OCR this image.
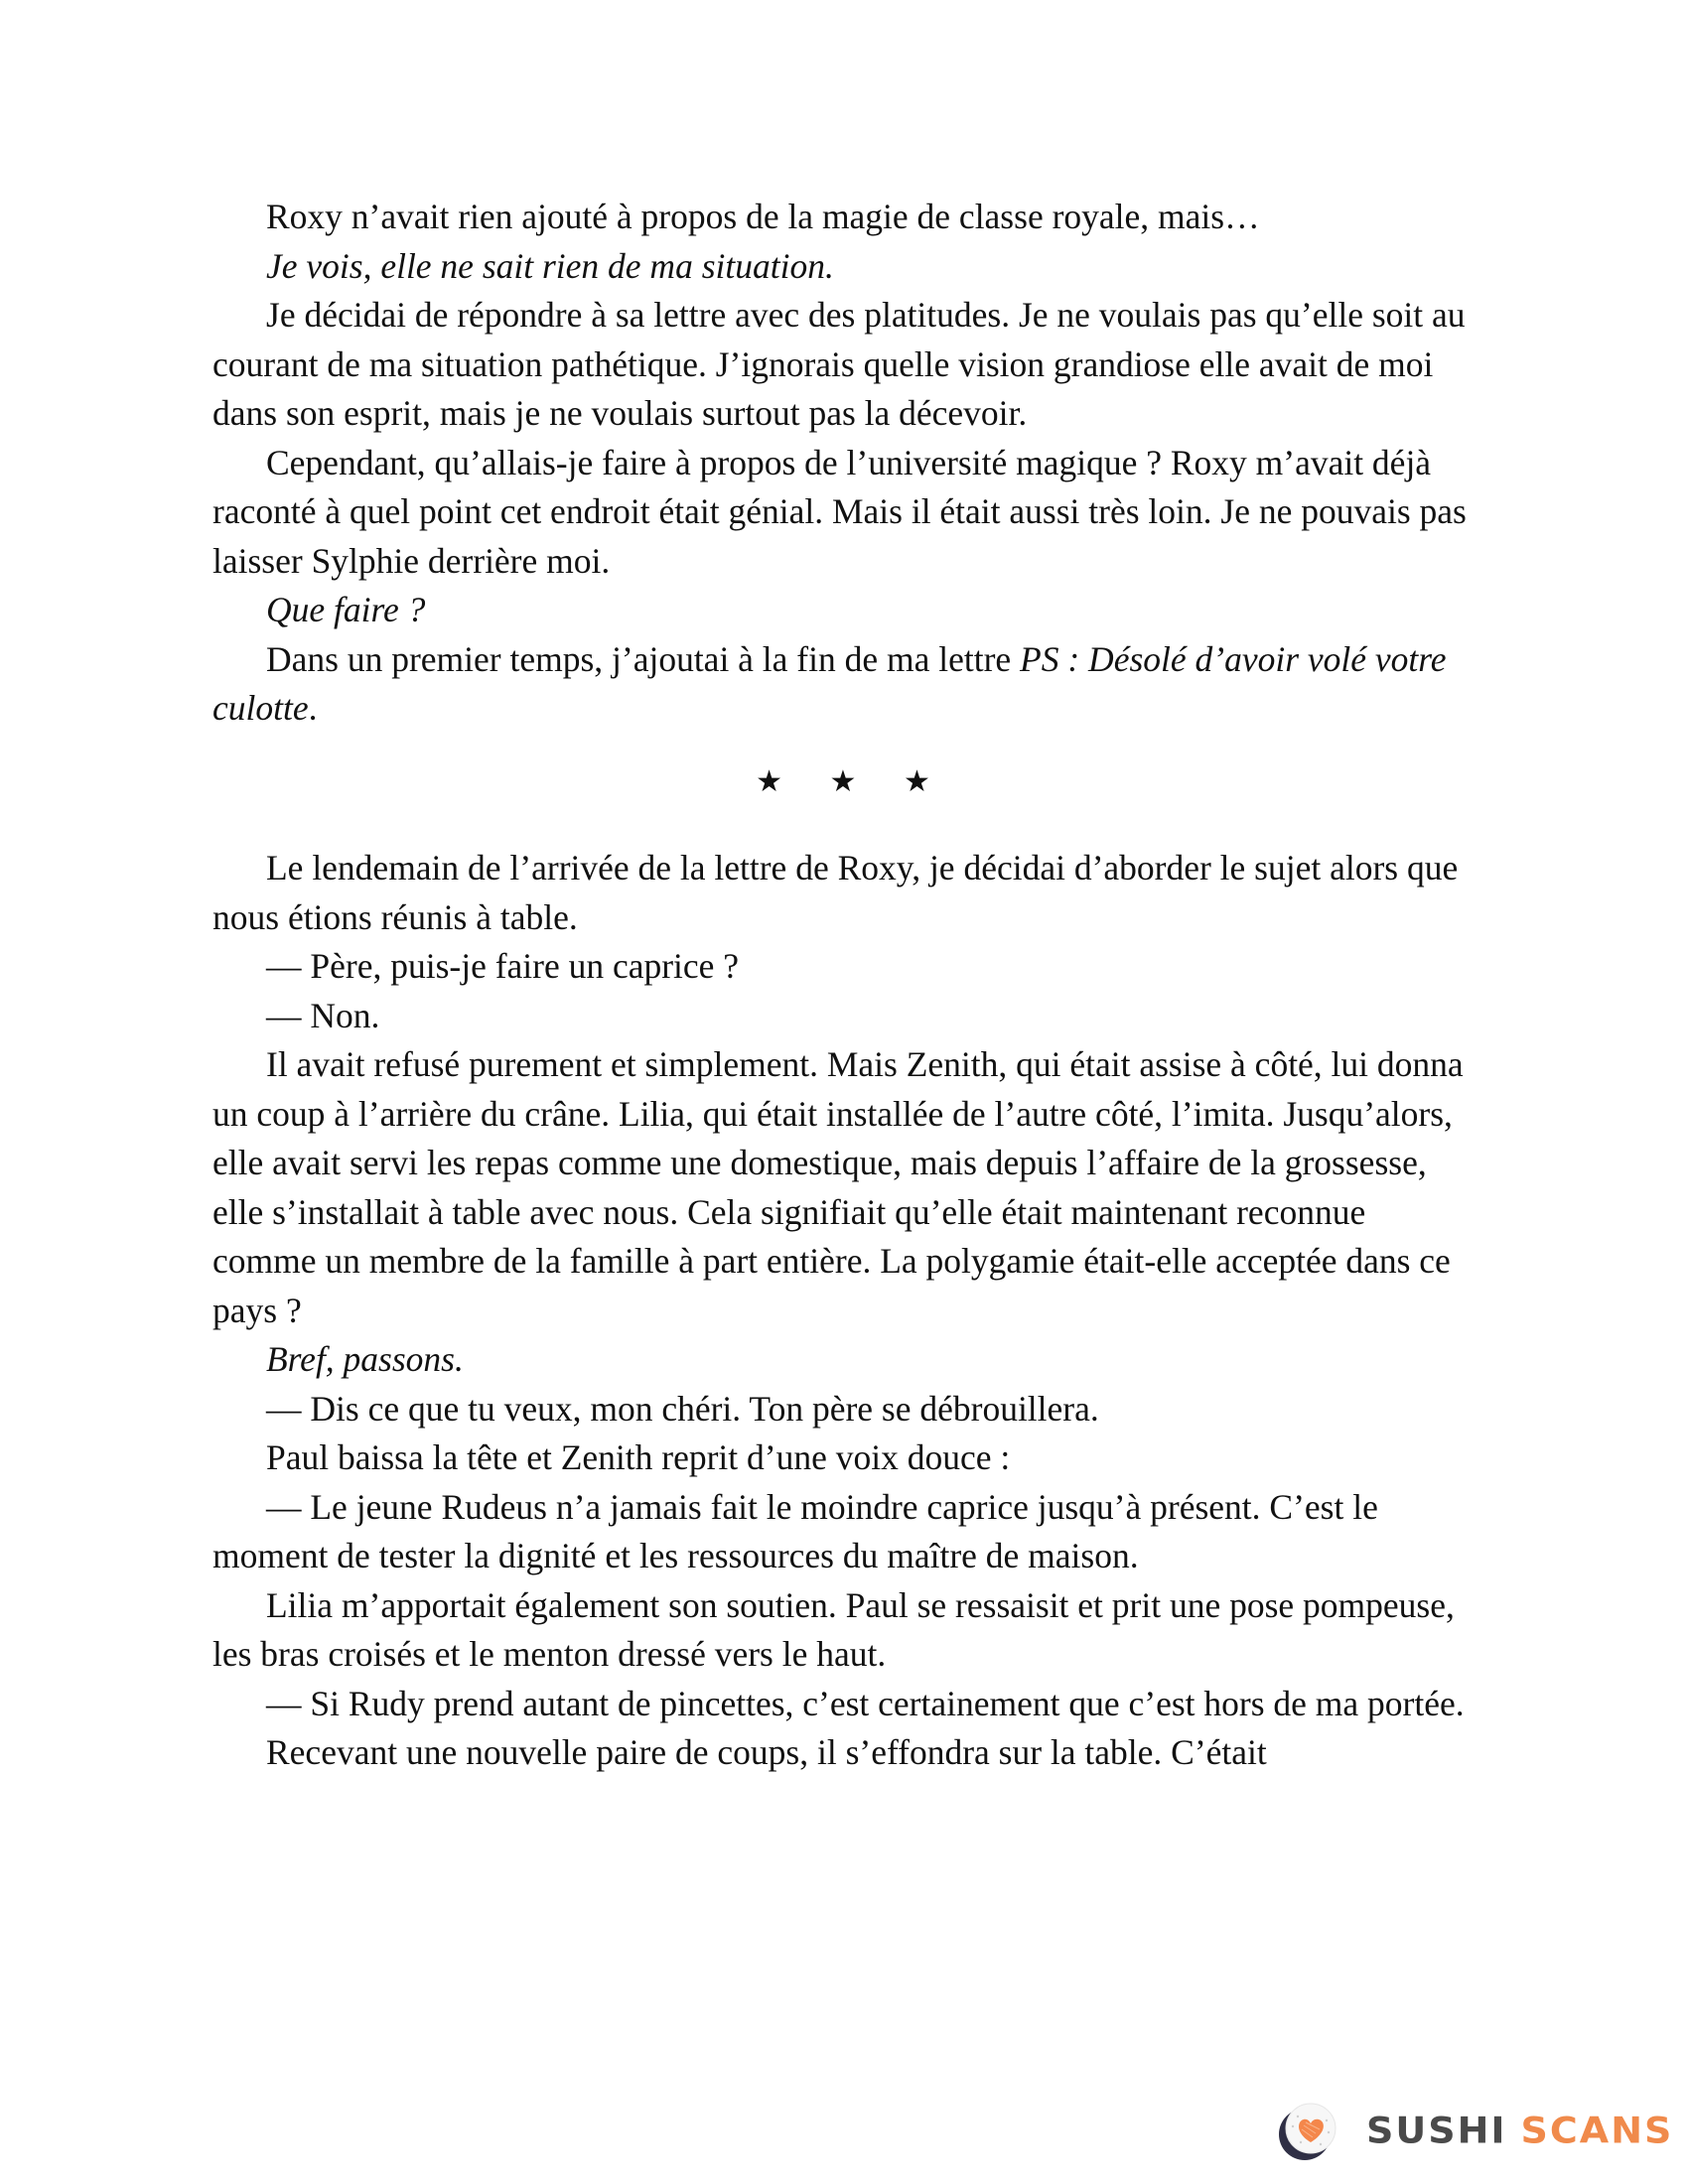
Roxy n’avait rien ajouté à propos de la magie de classe royale, mais…

Je vois, elle ne sait rien de ma situation.

Je décidai de répondre à sa lettre avec des platitudes. Je ne voulais pas qu’elle soit au courant de ma situation pathétique. J’ignorais quelle vision grandiose elle avait de moi dans son esprit, mais je ne voulais surtout pas la décevoir.

Cependant, qu’allais-je faire à propos de l’université magique ? Roxy m’avait déjà raconté à quel point cet endroit était génial. Mais il était aussi très loin. Je ne pouvais pas laisser Sylphie derrière moi.

Que faire ?

Dans un premier temps, j’ajoutai à la fin de ma lettre PS : Désolé d’avoir volé votre culotte.

★ ★ ★

Le lendemain de l’arrivée de la lettre de Roxy, je décidai d’aborder le sujet alors que nous étions réunis à table.

— Père, puis-je faire un caprice ?

— Non.

Il avait refusé purement et simplement. Mais Zenith, qui était assise à côté, lui donna un coup à l’arrière du crâne. Lilia, qui était installée de l’autre côté, l’imita. Jusqu’alors, elle avait servi les repas comme une domestique, mais depuis l’affaire de la grossesse, elle s’installait à table avec nous. Cela signifiait qu’elle était maintenant reconnue comme un membre de la famille à part entière. La polygamie était-elle acceptée dans ce pays ?

Bref, passons.

— Dis ce que tu veux, mon chéri. Ton père se débrouillera.

Paul baissa la tête et Zenith reprit d’une voix douce :

— Le jeune Rudeus n’a jamais fait le moindre caprice jusqu’à présent. C’est le moment de tester la dignité et les ressources du maître de maison.

Lilia m’apportait également son soutien. Paul se ressaisit et prit une pose pompeuse, les bras croisés et le menton dressé vers le haut.

— Si Rudy prend autant de pincettes, c’est certainement que c’est hors de ma portée.

Recevant une nouvelle paire de coups, il s’effondra sur la table. C’était

SUSHI SCANS
